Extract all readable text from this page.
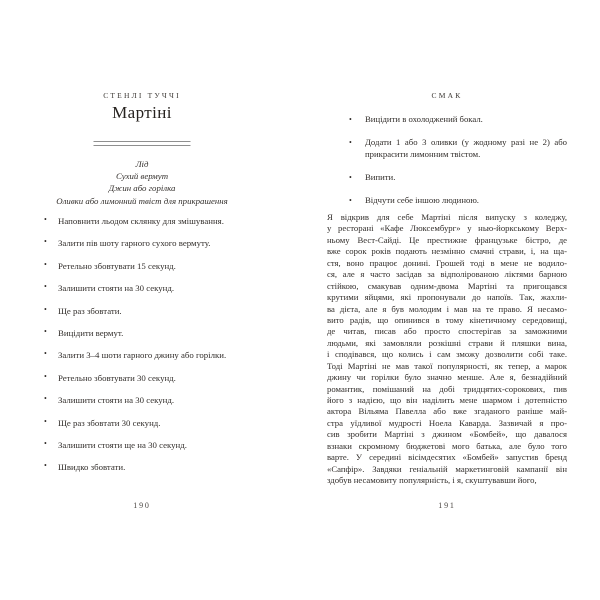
СТЕНЛІ ТУЧЧІ
Мартіні
Лід
Сухий вермут
Джин або горілка
Оливки або лимонний твіст для прикрашення
• Наповнити льодом склянку для змішування.
• Залити пів шоту гарного сухого вермуту.
• Ретельно збовтувати 15 секунд.
• Залишити стояти на 30 секунд.
• Ще раз збовтати.
• Вицідити вермут.
• Залити 3–4 шоти гарного джину або горілки.
• Ретельно збовтувати 30 секунд.
• Залишити стояти на 30 секунд.
• Ще раз збовтати 30 секунд.
• Залишити стояти ще на 30 секунд.
• Швидко збовтати.
190
СМАК
• Вицідити в охолоджений бокал.
• Додати 1 або 3 оливки (у жодному разі не 2) або прикрасити лимонним твістом.
• Випити.
• Відчути себе іншою людиною.
Я відкрив для себе Мартіні після випуску з коледжу,
у ресторані «Кафе Люксембург» у нью-йоркському Верх-
ньому Вест-Сайді. Це престижне французьке бістро, де
вже сорок років подають незмінно смачні страви, і, на ща-
стя, воно працює донині. Грошей тоді в мене не водило-
ся, але я часто засідав за відполірованою ліктями барною
стійкою, смакував одним-двома Мартіні та пригощався
крутими яйцями, які пропонували до напоїв. Так, жахли-
ва дієта, але я був молодим і мав на те право. Я несамо-
вито радів, що опинився в тому кінетичному середовищі,
де читав, писав або просто спостерігав за заможними
людьми, які замовляли розкішні страви й пляшки вина,
і сподівався, що колись і сам зможу дозволити собі таке.
Тоді Мартіні не мав такої популярності, як тепер, а марок
джину чи горілки було значно менше. Але я, безнадійний
романтик, помішаний на добі тридцятих-сорокових, пив
його з надією, що він наділить мене шармом і дотепністю
актора Вільяма Павелла або вже згаданого раніше май-
стра уїдливої мудрості Ноела Каварда. Зазвичай я про-
сив зробити Мартіні з джином «Бомбей», що давалося
взнаки скромному бюджетові мого батька, але було того
варте. У середині вісімдесятих «Бомбей» запустив бренд
«Сапфір». Завдяки геніальній маркетинговій кампанії він
здобув несамовиту популярність, і я, скуштувавши його,
191
